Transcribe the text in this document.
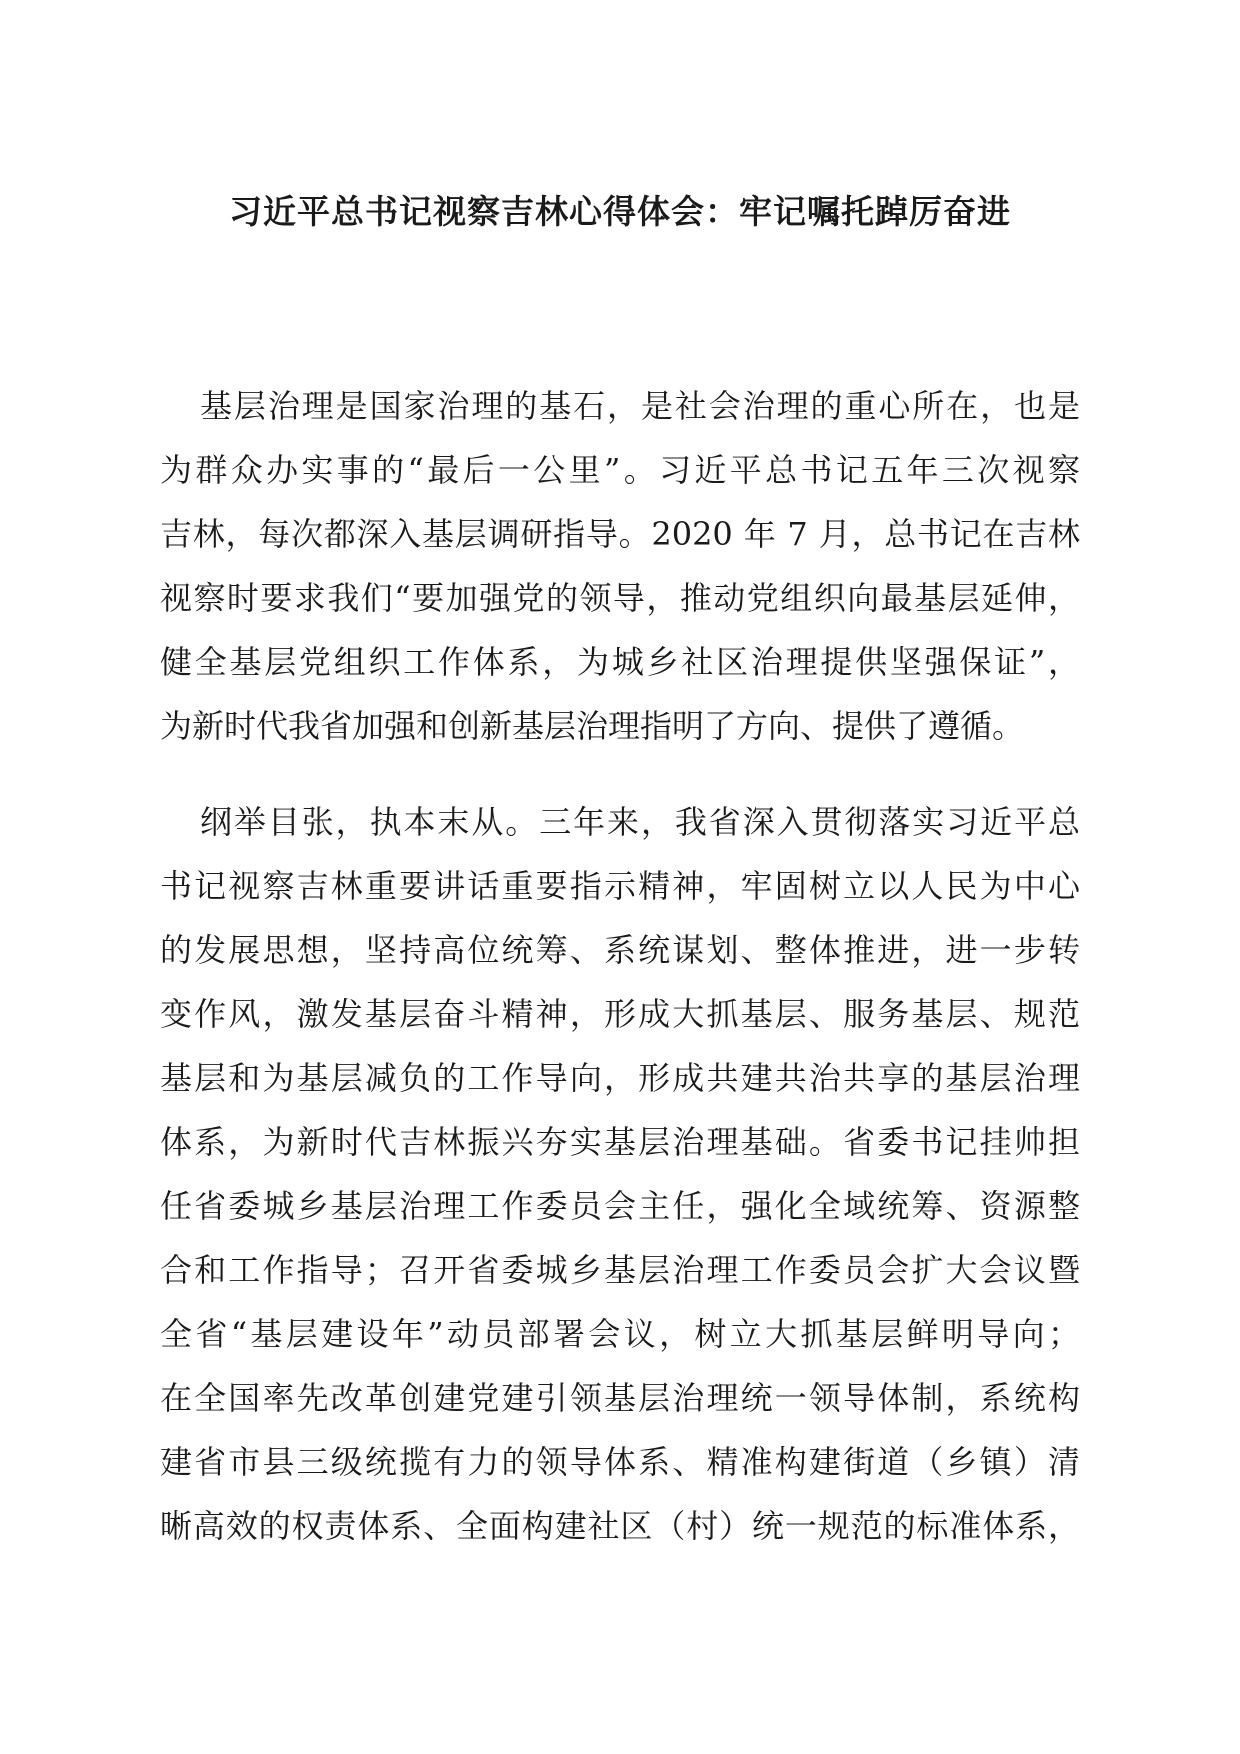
习近平总书记视察吉林心得体会：牢记嘱托踔厉奋进
基层治理是国家治理的基石，是社会治理的重心所在，也是
为群众办实事的“最后一公里”。习近平总书记五年三次视察
吉林，每次都深入基层调研指导。2020 年 7 月，总书记在吉林
视察时要求我们“要加强党的领导，推动党组织向最基层延伸，
健全基层党组织工作体系，为城乡社区治理提供坚强保证”，
为新时代我省加强和创新基层治理指明了方向、提供了遵循。
纲举目张，执本末从。三年来，我省深入贯彻落实习近平总
书记视察吉林重要讲话重要指示精神，牢固树立以人民为中心
的发展思想，坚持高位统筹、系统谋划、整体推进，进一步转
变作风，激发基层奋斗精神，形成大抓基层、服务基层、规范
基层和为基层减负的工作导向，形成共建共治共享的基层治理
体系，为新时代吉林振兴夯实基层治理基础。省委书记挂帅担
任省委城乡基层治理工作委员会主任，强化全域统筹、资源整
合和工作指导；召开省委城乡基层治理工作委员会扩大会议暨
全省“基层建设年”动员部署会议，树立大抓基层鲜明导向；
在全国率先改革创建党建引领基层治理统一领导体制，系统构
建省市县三级统揽有力的领导体系、精准构建街道（乡镇）清
晰高效的权责体系、全面构建社区（村）统一规范的标准体系，
